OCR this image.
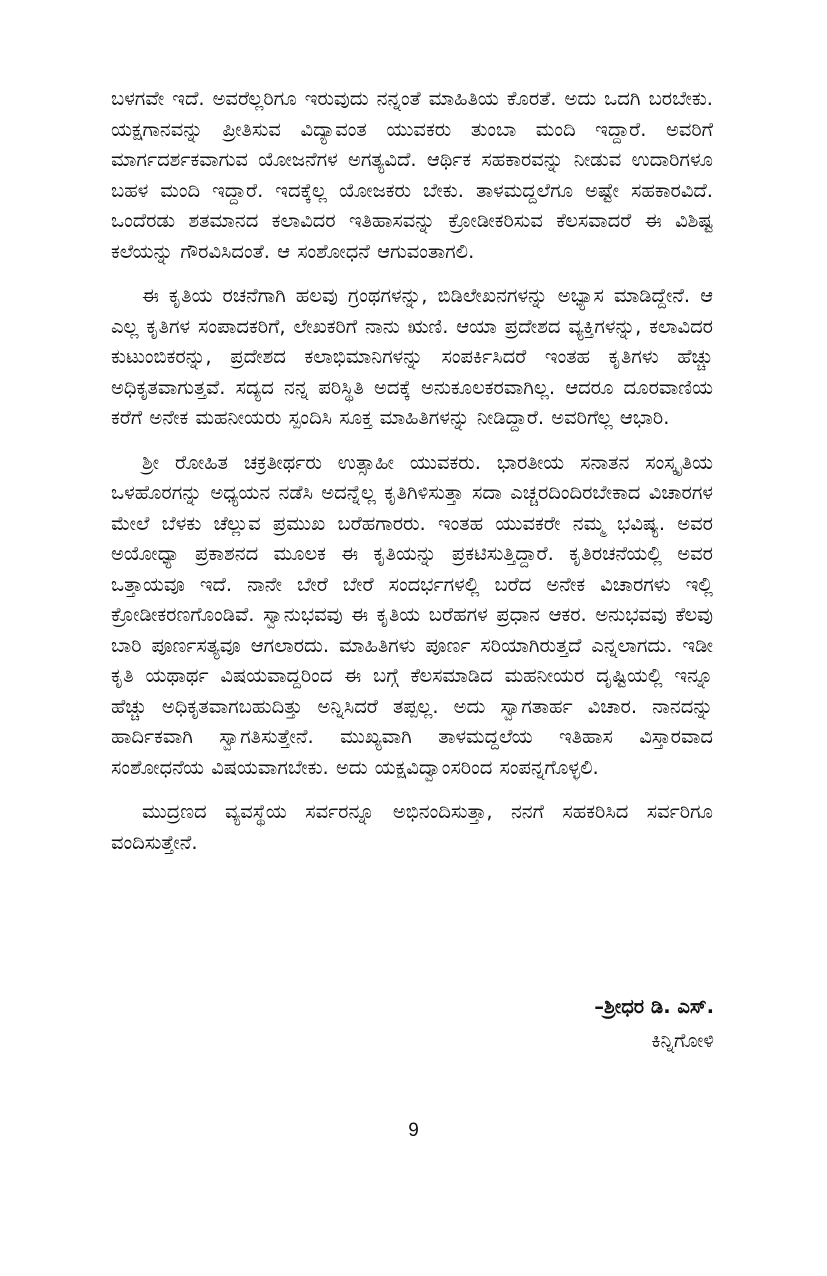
ಬಳಗವೇ ಇದೆ. ಅವರೆಲ್ಲರಿಗೂ ಇರುವುದು ನನ್ನಂತೆ ಮಾಹಿತಿಯ ಕೊರತೆ. ಅದು ಒದಗಿ ಬರಬೇಕು. ಯಕ್ಷಗಾನವನ್ನು ಪ್ರೀತಿಸುವ ವಿದ್ಯಾವಂತ ಯುವಕರು ತುಂಬಾ ಮಂದಿ ಇದ್ದಾರೆ. ಅವರಿಗೆ ಮಾರ್ಗದರ್ಶಕವಾಗುವ ಯೋಜನೆಗಳ ಅಗತ್ಯವಿದೆ. ಆರ್ಥಿಕ ಸಹಕಾರವನ್ನು ನೀಡುವ ಉದಾರಿಗಳೂ ಬಹಳ ಮಂದಿ ಇದ್ದಾರೆ. ಇದಕ್ಕೆಲ್ಲ ಯೋಜಕರು ಬೇಕು. ತಾಳಮದ್ದಲೆಗೂ ಅಷ್ಟೇ ಸಹಕಾರವಿದೆ. ಒಂದೆರಡು ಶತಮಾನದ ಕಲಾವಿದರ ಇತಿಹಾಸವನ್ನು ಕ್ರೋಡೀಕರಿಸುವ ಕೆಲಸವಾದರೆ ಈ ವಿಶಿಷ್ಟ ಕಲೆಯನ್ನು ಗೌರವಿಸಿದಂತೆ. ಆ ಸಂಶೋಧನೆ ಆಗುವಂತಾಗಲಿ.

ಈ ಕೃತಿಯ ರಚನೆಗಾಗಿ ಹಲವು ಗ್ರಂಥಗಳನ್ನು, ಬಿಡಿಲೇಖನಗಳನ್ನು ಅಭ್ಯಾಸ ಮಾಡಿದ್ದೇನೆ. ಆ ಎಲ್ಲ ಕೃತಿಗಳ ಸಂಪಾದಕರಿಗೆ, ಲೇಖಕರಿಗೆ ನಾನು ಋಣಿ. ಆಯಾ ಪ್ರದೇಶದ ವ್ಯಕ್ತಿಗಳನ್ನು, ಕಲಾವಿದರ ಕುಟುಂಬಿಕರನ್ನು, ಪ್ರದೇಶದ ಕಲಾಭಿಮಾನಿಗಳನ್ನು ಸಂಪರ್ಕಿಸಿದರೆ ಇಂತಹ ಕೃತಿಗಳು ಹೆಚ್ಚು ಅಧಿಕೃತವಾಗುತ್ತವೆ. ಸದ್ಯದ ನನ್ನ ಪರಿಸ್ಥಿತಿ ಅದಕ್ಕೆ ಅನುಕೂಲಕರವಾಗಿಲ್ಲ. ಆದರೂ ದೂರವಾಣಿಯ ಕರೆಗೆ ಅನೇಕ ಮಹನೀಯರು ಸ್ಪಂದಿಸಿ ಸೂಕ್ತ ಮಾಹಿತಿಗಳನ್ನು ನೀಡಿದ್ದಾರೆ. ಅವರಿಗೆಲ್ಲ ಆಭಾರಿ.

ಶ್ರೀ ರೋಹಿತ ಚಕ್ರತೀರ್ಥರು ಉತ್ಸಾಹೀ ಯುವಕರು. ಭಾರತೀಯ ಸನಾತನ ಸಂಸ್ಕೃತಿಯ ಒಳಹೊರಗನ್ನು ಅಧ್ಯಯನ ನಡೆಸಿ ಅದನ್ನೆಲ್ಲ ಕೃತಿಗಿಳಿಸುತ್ತಾ ಸದಾ ಎಚ್ಚರದಿಂದಿರಬೇಕಾದ ವಿಚಾರಗಳ ಮೇಲೆ ಬೆಳಕು ಚೆಲ್ಲುವ ಪ್ರಮುಖ ಬರೆಹಗಾರರು. ಇಂತಹ ಯುವಕರೇ ನಮ್ಮ ಭವಿಷ್ಯ. ಅವರ ಅಯೋಧ್ಯಾ ಪ್ರಕಾಶನದ ಮೂಲಕ ಈ ಕೃತಿಯನ್ನು ಪ್ರಕಟಿಸುತ್ತಿದ್ದಾರೆ. ಕೃತಿರಚನೆಯಲ್ಲಿ ಅವರ ಒತ್ತಾಯವೂ ಇದೆ. ನಾನೇ ಬೇರೆ ಬೇರೆ ಸಂದರ್ಭಗಳಲ್ಲಿ ಬರೆದ ಅನೇಕ ವಿಚಾರಗಳು ಇಲ್ಲಿ ಕ್ರೋಡೀಕರಣಗೊಂಡಿವೆ. ಸ್ವಾನುಭವವು ಈ ಕೃತಿಯ ಬರೆಹಗಳ ಪ್ರಧಾನ ಆಕರ. ಅನುಭವವು ಕೆಲವು ಬಾರಿ ಪೂರ್ಣಸತ್ಯವೂ ಆಗಲಾರದು. ಮಾಹಿತಿಗಳು ಪೂರ್ಣ ಸರಿಯಾಗಿರುತ್ತದೆ ಎನ್ನಲಾಗದು. ಇಡೀ ಕೃತಿ ಯಥಾರ್ಥ ವಿಷಯವಾದ್ದರಿಂದ ಈ ಬಗ್ಗೆ ಕೆಲಸಮಾಡಿದ ಮಹನೀಯರ ದೃಷ್ಟಿಯಲ್ಲಿ ಇನ್ನೂ ಹೆಚ್ಚು ಅಧಿಕೃತವಾಗಬಹುದಿತ್ತು ಅನ್ನಿಸಿದರೆ ತಪ್ಪಲ್ಲ. ಅದು ಸ್ವಾಗತಾರ್ಹ ವಿಚಾರ. ನಾನದನ್ನು ಹಾರ್ದಿಕವಾಗಿ ಸ್ವಾಗತಿಸುತ್ತೇನೆ. ಮುಖ್ಯವಾಗಿ ತಾಳಮದ್ದಲೆಯ ಇತಿಹಾಸ ವಿಸ್ತಾರವಾದ ಸಂಶೋಧನೆಯ ವಿಷಯವಾಗಬೇಕು. ಅದು ಯಕ್ಷವಿದ್ವಾಂಸರಿಂದ ಸಂಪನ್ನಗೊಳ್ಳಲಿ.

ಮುದ್ರಣದ ವ್ಯವಸ್ಥೆಯ ಸರ್ವರನ್ನೂ ಅಭಿನಂದಿಸುತ್ತಾ, ನನಗೆ ಸಹಕರಿಸಿದ ಸರ್ವರಿಗೂ ವಂದಿಸುತ್ತೇನೆ.

–ಶ್ರೀಧರ ಡಿ. ಎಸ್.
ಕಿನ್ನಿಗೋಳಿ
9
